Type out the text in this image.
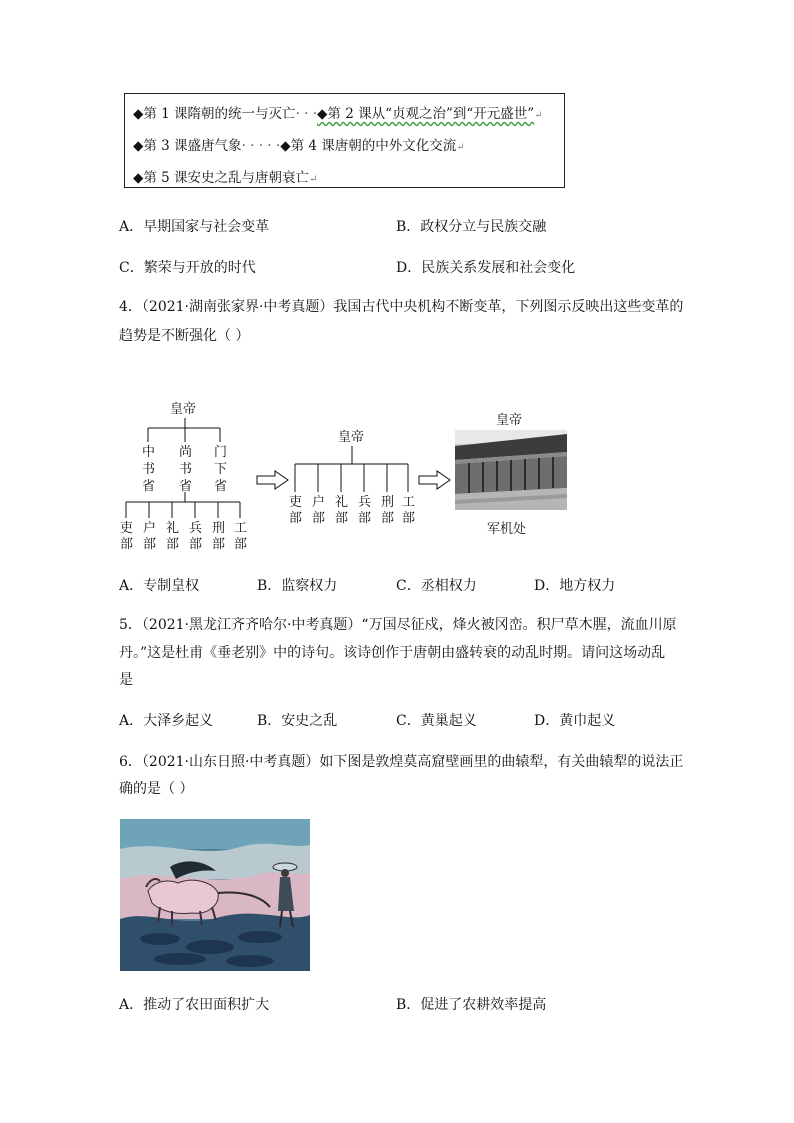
◆第 1 课隋朝的统一与灭亡· · ·◆第 2 课从“贞观之治”到“开元盛世”↵
◆第 3 课盛唐气象· · · · ·◆第 4 课唐朝的中外文化交流↵
◆第 5 课安史之乱与唐朝衰亡↵
A．早期国家与社会变革	B．政权分立与民族交融
C．繁荣与开放的时代	D．民族关系发展和社会变化
4．（2021·湖南张家界·中考真题）我国古代中央机构不断变革，下列图示反映出这些变革的
趋势是不断强化（ ）
皇帝
中
书
省
尚
书
省
门
下
省
吏
部
户
部
礼
部
兵
部
刑
部
工
部
皇帝
吏
部
户
部
礼
部
兵
部
刑
部
工
部
皇帝
军机处
A．专制皇权	B．监察权力	C．丞相权力	D．地方权力
5．（2021·黑龙江齐齐哈尔·中考真题）“万国尽征戍，烽火被冈峦。积尸草木腥，流血川原
丹。”这是杜甫《垂老别》中的诗句。该诗创作于唐朝由盛转衰的动乱时期。请问这场动乱
是
A．大泽乡起义	B．安史之乱	C．黄巢起义	D．黄巾起义
6．（2021·山东日照·中考真题）如下图是敦煌莫高窟壁画里的曲辕犁，有关曲辕犁的说法正
确的是（ ）
A．推动了农田面积扩大	B．促进了农耕效率提高
